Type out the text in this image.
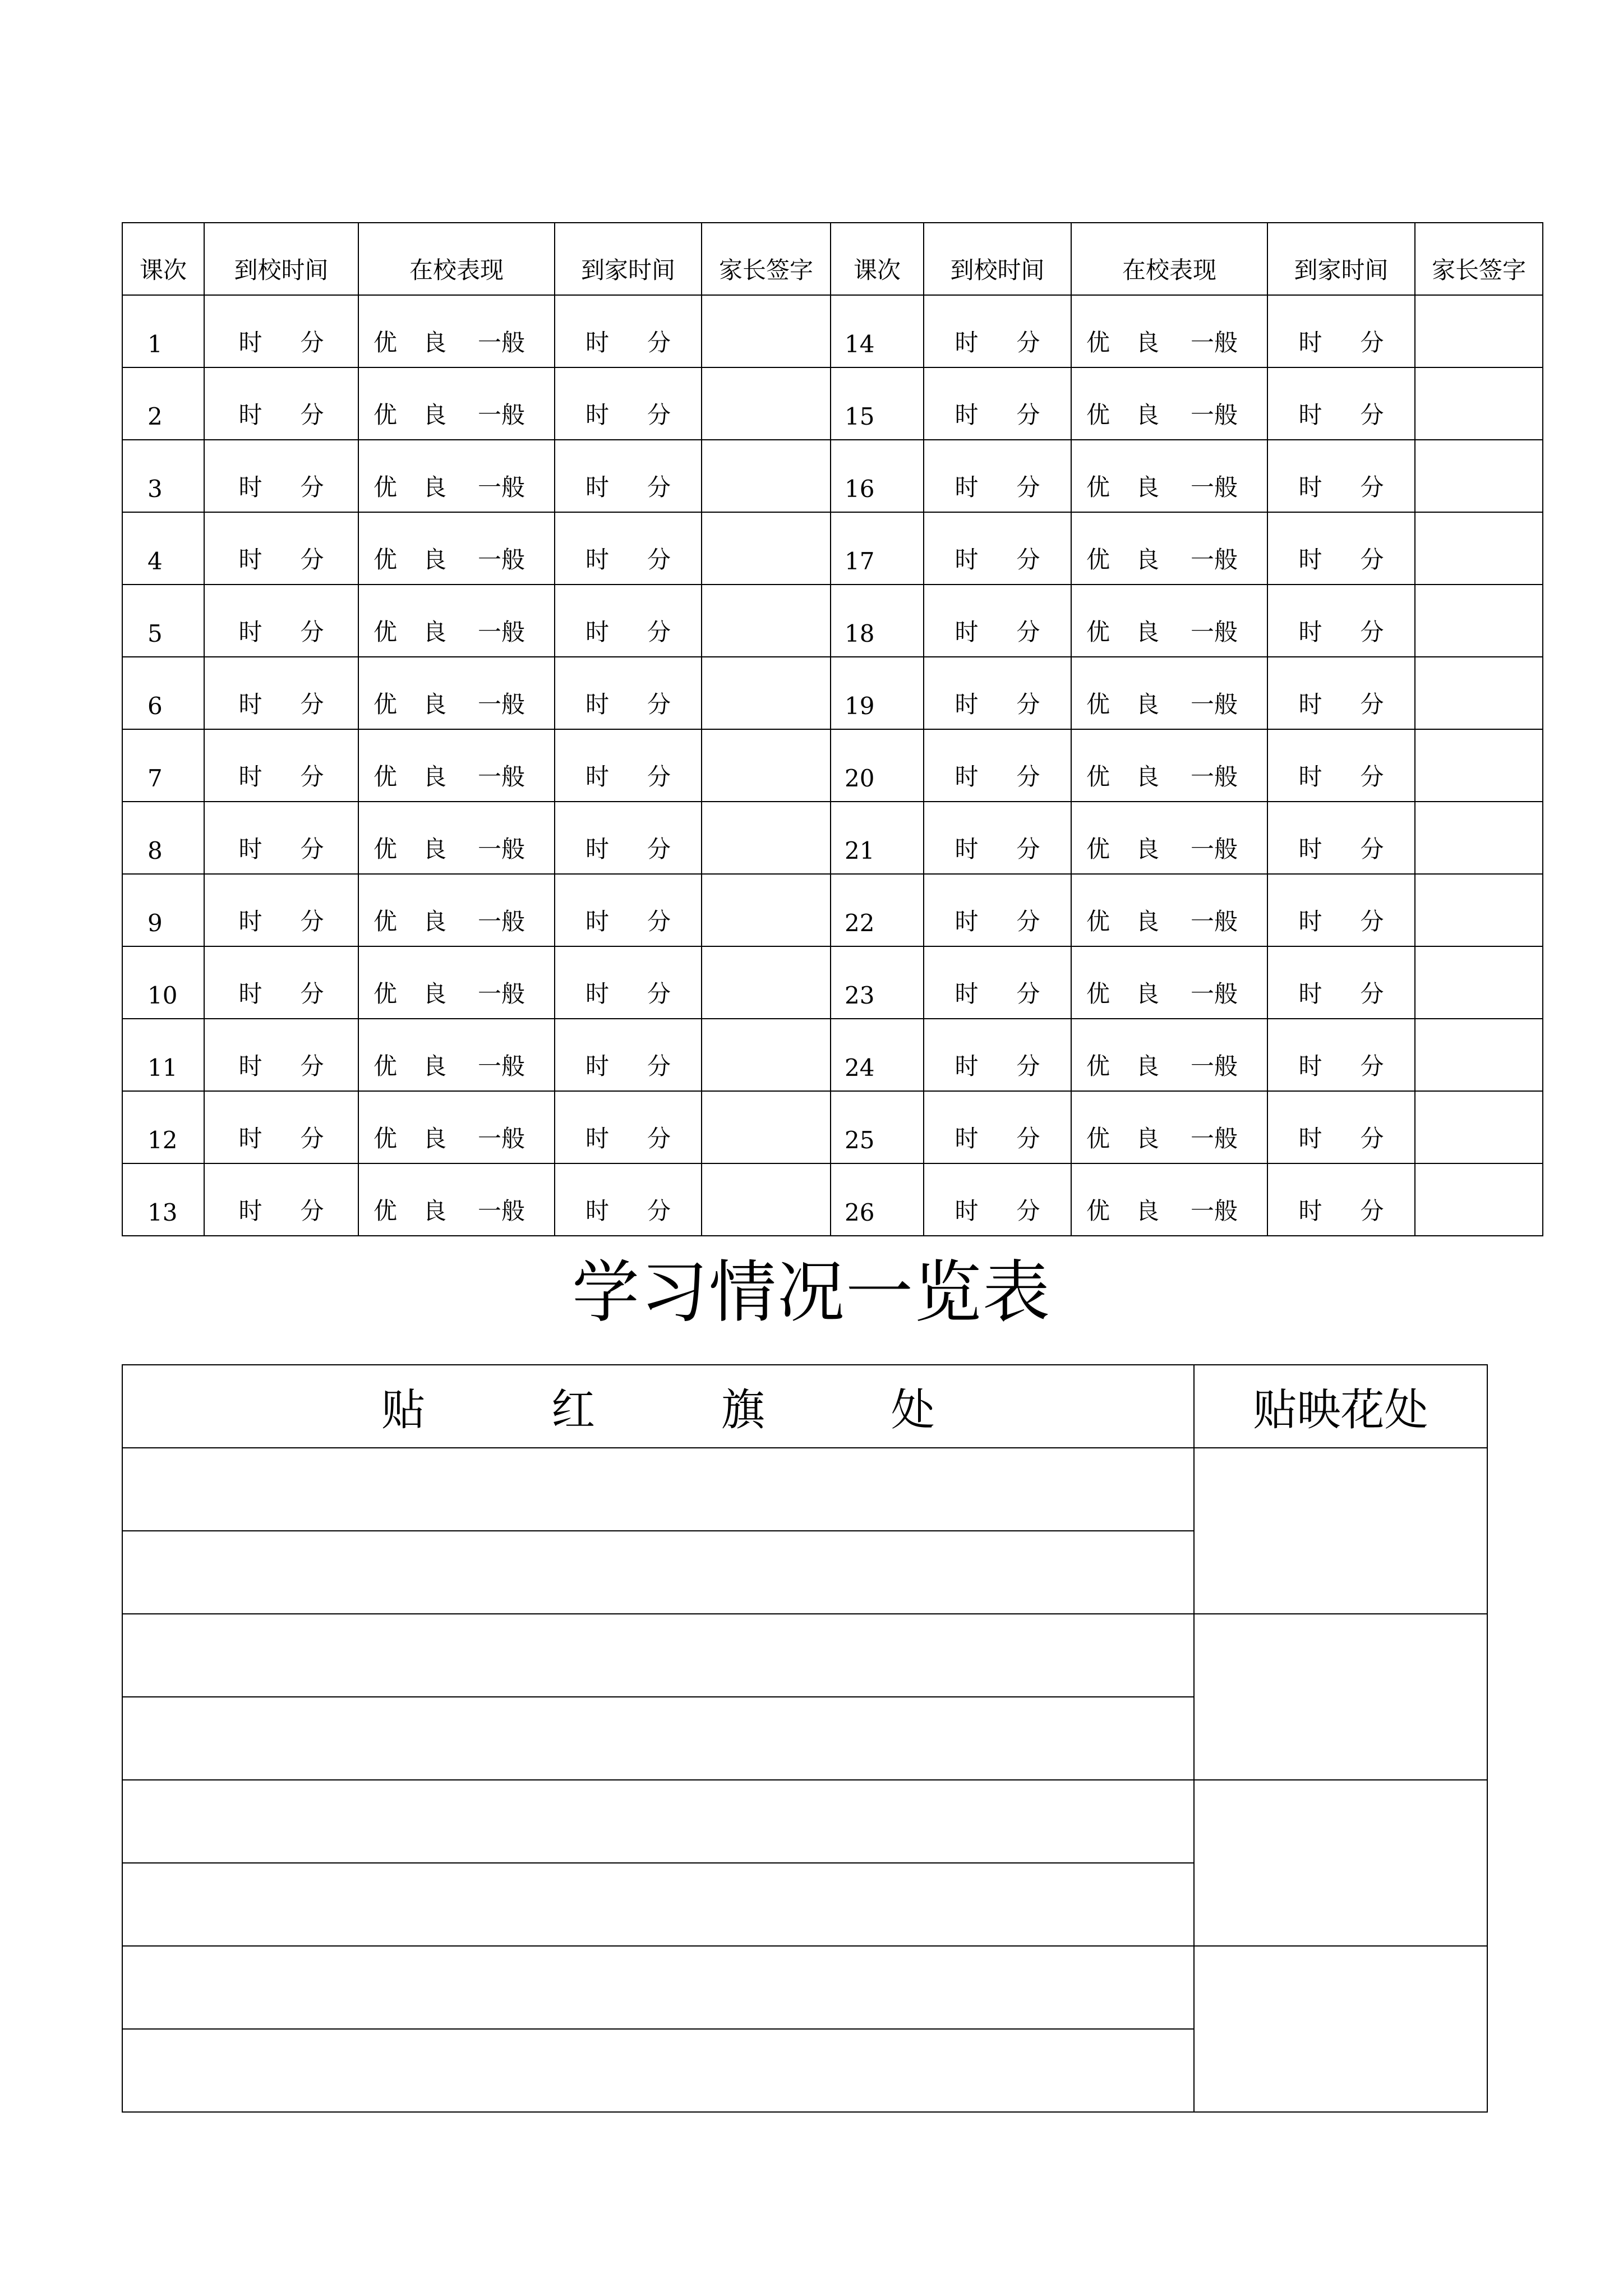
课次	到校时间	在校表现	到家时间	家长签字	课次	到校时间	在校表现	到家时间	家长签字
1	时 分	优 良 一般	时 分		14	时 分	优 良 一般	时 分	
2	时 分	优 良 一般	时 分		15	时 分	优 良 一般	时 分	
3	时 分	优 良 一般	时 分		16	时 分	优 良 一般	时 分	
4	时 分	优 良 一般	时 分		17	时 分	优 良 一般	时 分	
5	时 分	优 良 一般	时 分		18	时 分	优 良 一般	时 分	
6	时 分	优 良 一般	时 分		19	时 分	优 良 一般	时 分	
7	时 分	优 良 一般	时 分		20	时 分	优 良 一般	时 分	
8	时 分	优 良 一般	时 分		21	时 分	优 良 一般	时 分	
9	时 分	优 良 一般	时 分		22	时 分	优 良 一般	时 分	
10	时 分	优 良 一般	时 分		23	时 分	优 良 一般	时 分	
11	时 分	优 良 一般	时 分		24	时 分	优 良 一般	时 分	
12	时 分	优 良 一般	时 分		25	时 分	优 良 一般	时 分	
13	时 分	优 良 一般	时 分		26	时 分	优 良 一般	时 分	
学习情况一览表
贴 红 旗 处	贴映花处
